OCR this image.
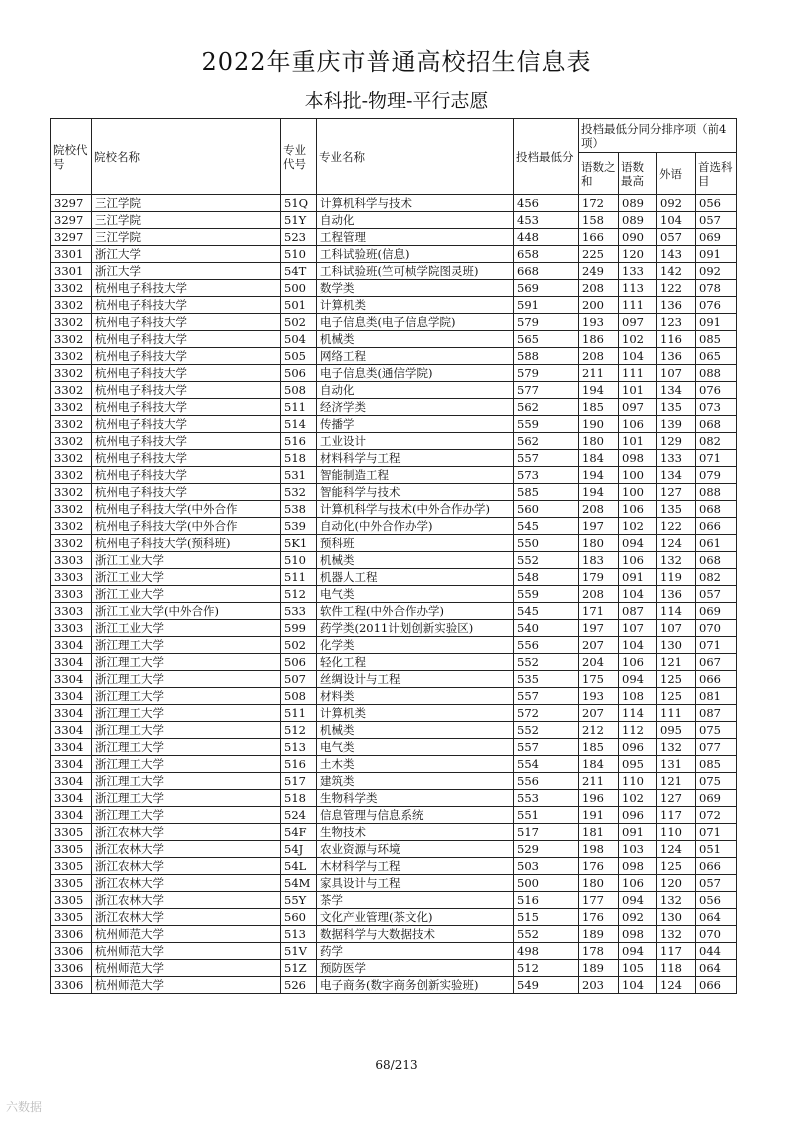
2022年重庆市普通高校招生信息表
本科批-物理-平行志愿
院校代号	院校名称	专业代号	专业名称	投档最低分	投档最低分同分排序项（前4项）			
					语数之和	语数最高	外语	首选科目
3297	三江学院	51Q	计算机科学与技术	456	172	089	092	056
3297	三江学院	51Y	自动化	453	158	089	104	057
3297	三江学院	523	工程管理	448	166	090	057	069
3301	浙江大学	510	工科试验班(信息)	658	225	120	143	091
3301	浙江大学	54T	工科试验班(竺可桢学院图灵班)	668	249	133	142	092
3302	杭州电子科技大学	500	数学类	569	208	113	122	078
3302	杭州电子科技大学	501	计算机类	591	200	111	136	076
3302	杭州电子科技大学	502	电子信息类(电子信息学院)	579	193	097	123	091
3302	杭州电子科技大学	504	机械类	565	186	102	116	085
3302	杭州电子科技大学	505	网络工程	588	208	104	136	065
3302	杭州电子科技大学	506	电子信息类(通信学院)	579	211	111	107	088
3302	杭州电子科技大学	508	自动化	577	194	101	134	076
3302	杭州电子科技大学	511	经济学类	562	185	097	135	073
3302	杭州电子科技大学	514	传播学	559	190	106	139	068
3302	杭州电子科技大学	516	工业设计	562	180	101	129	082
3302	杭州电子科技大学	518	材料科学与工程	557	184	098	133	071
3302	杭州电子科技大学	531	智能制造工程	573	194	100	134	079
3302	杭州电子科技大学	532	智能科学与技术	585	194	100	127	088
3302	杭州电子科技大学(中外合作	538	计算机科学与技术(中外合作办学)	560	208	106	135	068
3302	杭州电子科技大学(中外合作	539	自动化(中外合作办学)	545	197	102	122	066
3302	杭州电子科技大学(预科班)	5K1	预科班	550	180	094	124	061
3303	浙江工业大学	510	机械类	552	183	106	132	068
3303	浙江工业大学	511	机器人工程	548	179	091	119	082
3303	浙江工业大学	512	电气类	559	208	104	136	057
3303	浙江工业大学(中外合作)	533	软件工程(中外合作办学)	545	171	087	114	069
3303	浙江工业大学	599	药学类(2011计划创新实验区)	540	197	107	107	070
3304	浙江理工大学	502	化学类	556	207	104	130	071
3304	浙江理工大学	506	轻化工程	552	204	106	121	067
3304	浙江理工大学	507	丝绸设计与工程	535	175	094	125	066
3304	浙江理工大学	508	材料类	557	193	108	125	081
3304	浙江理工大学	511	计算机类	572	207	114	111	087
3304	浙江理工大学	512	机械类	552	212	112	095	075
3304	浙江理工大学	513	电气类	557	185	096	132	077
3304	浙江理工大学	516	土木类	554	184	095	131	085
3304	浙江理工大学	517	建筑类	556	211	110	121	075
3304	浙江理工大学	518	生物科学类	553	196	102	127	069
3304	浙江理工大学	524	信息管理与信息系统	551	191	096	117	072
3305	浙江农林大学	54F	生物技术	517	181	091	110	071
3305	浙江农林大学	54J	农业资源与环境	529	198	103	124	051
3305	浙江农林大学	54L	木材科学与工程	503	176	098	125	066
3305	浙江农林大学	54M	家具设计与工程	500	180	106	120	057
3305	浙江农林大学	55Y	茶学	516	177	094	132	056
3305	浙江农林大学	560	文化产业管理(茶文化)	515	176	092	130	064
3306	杭州师范大学	513	数据科学与大数据技术	552	189	098	132	070
3306	杭州师范大学	51V	药学	498	178	094	117	044
3306	杭州师范大学	51Z	预防医学	512	189	105	118	064
3306	杭州师范大学	526	电子商务(数字商务创新实验班)	549	203	104	124	066
68/213
六数据
